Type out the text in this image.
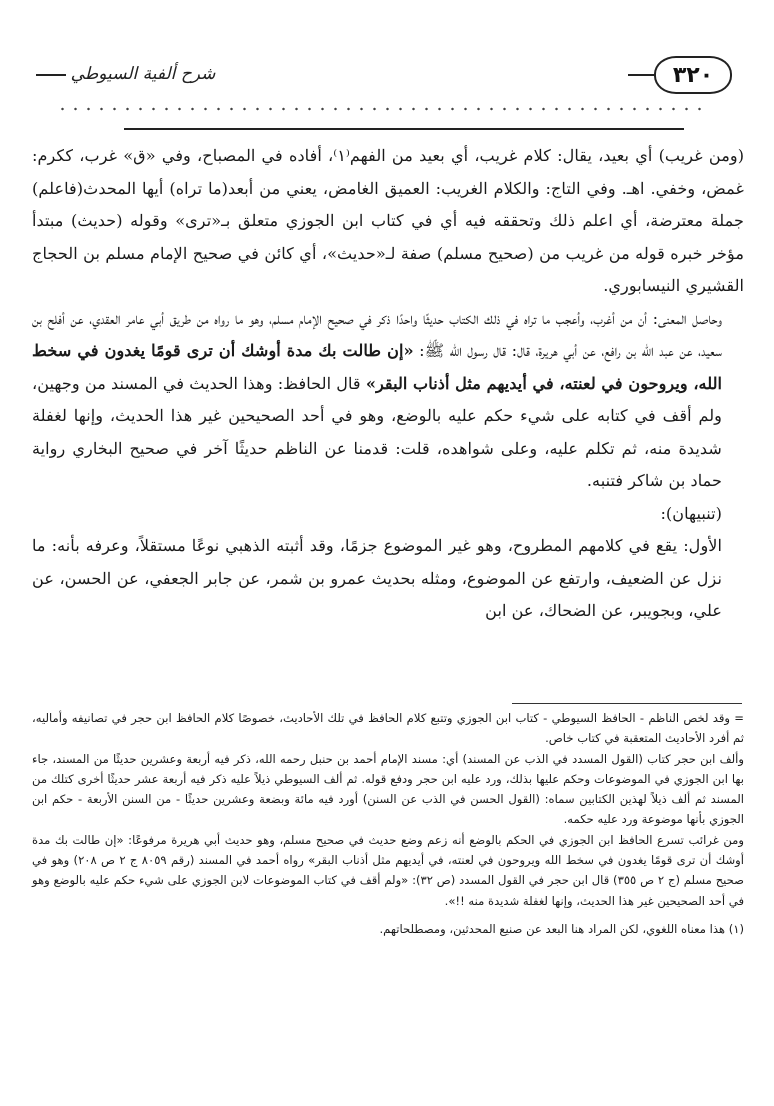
٣٢٠
شرح ألفية السيوطي

(ومن غريب) أي بعيد، يقال: كلام غريب، أي بعيد من الفهم⁽١⁾، أفاده في المصباح، وفي «ق» غرب، ككرم: غمض، وخفي. اهـ. وفي التاج: والكلام الغريب: العميق الغامض، يعني من أبعد(ما تراه) أيها المحدث(فاعلم) جملة معترضة، أي اعلم ذلك وتحققه فيه أي في كتاب ابن الجوزي متعلق بـ«ترى» وقوله (حديث) مبتدأ مؤخر خبره قوله من غريب من (صحيح مسلم) صفة لـ«حديث»، أي كائن في صحيح الإمام مسلم بن الحجاج القشيري النيسابوري.

وحاصل المعنى: أن من أغرب، وأعجب ما تراه في ذلك الكتاب حديثًا واحدًا ذكر في صحيح الإمام مسلم، وهو ما رواه من طريق أبي عامر العقدي، عن أفلح بن سعيد، عن عبد الله بن رافع، عن أبي هريرة، قال: قال رسول الله ﷺ: «إن طالت بك مدة أوشك أن ترى قومًا يغدون في سخط الله، ويروحون في لعنته، في أيديهم مثل أذناب البقر» قال الحافظ: وهذا الحديث في المسند من وجهين، ولم أقف في كتابه على شيء حكم عليه بالوضع، وهو في أحد الصحيحين غير هذا الحديث، وإنها لغفلة شديدة منه، ثم تكلم عليه، وعلى شواهده، قلت: قدمنا عن الناظم حديثًا آخر في صحيح البخاري رواية حماد بن شاكر فتنبه.

(تنبيهان):

الأول: يقع في كلامهم المطروح، وهو غير الموضوع جزمًا، وقد أثبته الذهبي نوعًا مستقلاً، وعرفه بأنه: ما نزل عن الضعيف، وارتفع عن الموضوع، ومثله بحديث عمرو بن شمر، عن جابر الجعفي، عن الحسن، عن علي، وبجويبر، عن الضحاك، عن ابن

= وقد لخص الناظم - الحافظ السيوطي - كتاب ابن الجوزي وتتبع كلام الحافظ في تلك الأحاديث، خصوصًا كلام الحافظ ابن حجر في تصانيفه وأماليه، ثم أفرد الأحاديث المتعقبة في كتاب خاص.

وألف ابن حجر كتاب (القول المسدد في الذب عن المسند) أي: مسند الإمام أحمد بن حنبل رحمه الله، ذكر فيه أربعة وعشرين حديثًا من المسند، جاء بها ابن الجوزي في الموضوعات وحكم عليها بذلك، ورد عليه ابن حجر ودفع قوله. ثم ألف السيوطي ذيلاً عليه ذكر فيه أربعة عشر حديثًا أخرى كتلك من المسند ثم ألف ذيلاً لهذين الكتابين سماه: (القول الحسن في الذب عن السنن) أورد فيه مائة وبضعة وعشرين حديثًا - من السنن الأربعة - حكم ابن الجوزي بأنها موضوعة ورد عليه حكمه.

ومن غرائب تسرع الحافظ ابن الجوزي في الحكم بالوضع أنه زعم وضع حديث في صحيح مسلم، وهو حديث أبي هريرة مرفوعًا: «إن طالت بك مدة أوشك أن ترى قومًا يغدون في سخط الله ويروحون في لعنته، في أيديهم مثل أذناب البقر» رواه أحمد في المسند (رقم ٨٠٥٩ ج ٢ ص ٢٠٨) وهو في صحيح مسلم (ج ٢ ص ٣٥٥) قال ابن حجر في القول المسدد (ص ٣٢): «ولم أقف في كتاب الموضوعات لابن الجوزي على شيء حكم عليه بالوضع وهو في أحد الصحيحين غير هذا الحديث، وإنها لغفلة شديدة منه !!».

(١) هذا معناه اللغوي، لكن المراد هنا البعد عن صنيع المحدثين، ومصطلحاتهم.
